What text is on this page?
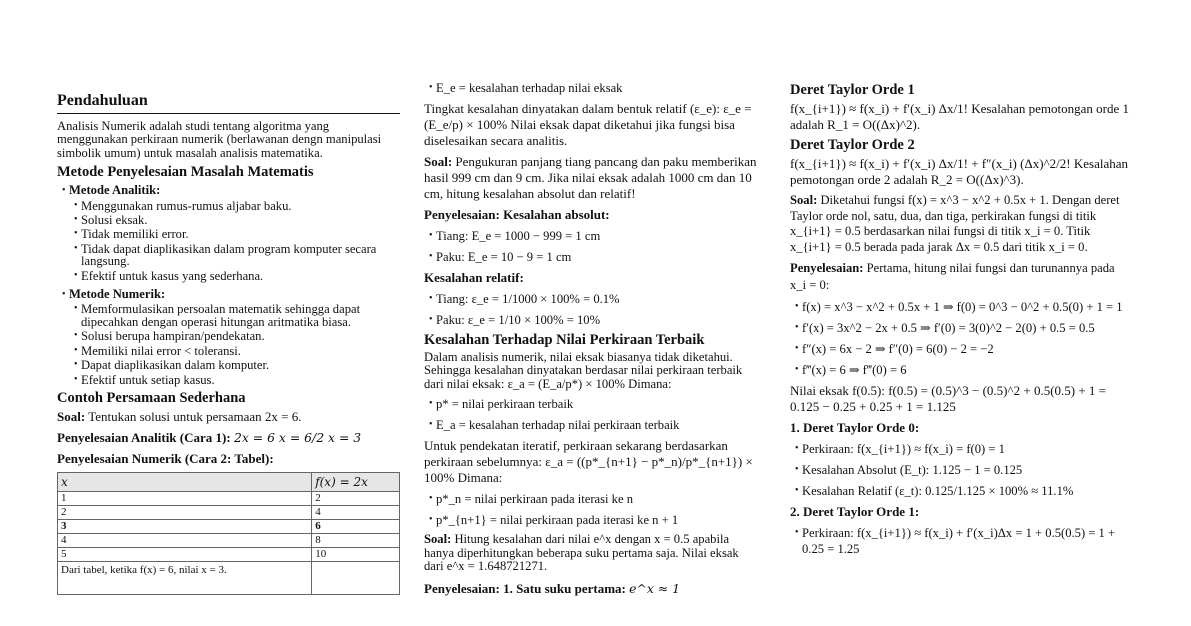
Pendahuluan

Analisis Numerik adalah studi tentang algoritma yang menggunakan perkiraan numerik (berlawanan dengn manipulasi simbolik umum) untuk masalah analisis matematika.

Metode Penyelesaian Masalah Matematis
• Metode Analitik:
• Menggunakan rumus-rumus aljabar baku.
• Solusi eksak.
• Tidak memiliki error.
• Tidak dapat diaplikasikan dalam program komputer secara langsung.
• Efektif untuk kasus yang sederhana.
• Metode Numerik:
• Memformulasikan persoalan matematik sehingga dapat dipecahkan dengan operasi hitungan aritmatika biasa.
• Solusi berupa hampiran/pendekatan.
• Memiliki nilai error < toleransi.
• Dapat diaplikasikan dalam komputer.
• Efektif untuk setiap kasus.
Contoh Persamaan Sederhana

Soal: Tentukan solusi untuk persamaan 2x = 6.

Penyelesaian Analitik (Cara 1): 2x = 6 x = 6/2 x = 3

Penyelesaian Numerik (Cara 2: Tabel):

x	f(x) = 2x
1	2
2	4
3	6
4	8
5	10
Dari tabel, ketika f(x) = 6, nilai x = 3.	
• E_e = kesalahan terhadap nilai eksak

Tingkat kesalahan dinyatakan dalam bentuk relatif (ε_e): ε_e = (E_e/p) × 100% Nilai eksak dapat diketahui jika fungsi bisa diselesaikan secara analitis.

Soal: Pengukuran panjang tiang pancang dan paku memberikan hasil 999 cm dan 9 cm. Jika nilai eksak adalah 1000 cm dan 10 cm, hitung kesalahan absolut dan relatif!

Penyelesaian: Kesalahan absolut:

• Tiang: E_e = 1000 − 999 = 1 cm
• Paku: E_e = 10 − 9 = 1 cm

Kesalahan relatif:

• Tiang: ε_e = 1/1000 × 100% = 0.1%
• Paku: ε_e = 1/10 × 100% = 10%
Kesalahan Terhadap Nilai Perkiraan Terbaik

Dalam analisis numerik, nilai eksak biasanya tidak diketahui. Sehingga kesalahan dinyatakan berdasar nilai perkiraan terbaik dari nilai eksak: ε_a = (E_a/p*) × 100% Dimana:

• p* = nilai perkiraan terbaik
• E_a = kesalahan terhadap nilai perkiraan terbaik

Untuk pendekatan iteratif, perkiraan sekarang berdasarkan perkiraan sebelumnya: ε_a = ((p*_{n+1} − p*_n)/p*_{n+1}) × 100% Dimana:

• p*_n = nilai perkiraan pada iterasi ke n
• p*_{n+1} = nilai perkiraan pada iterasi ke n + 1

Soal: Hitung kesalahan dari nilai e^x dengan x = 0.5 apabila hanya diperhitungkan beberapa suku pertama saja. Nilai eksak dari e^x = 1.648721271.

Penyelesaian: 1. Satu suku pertama: e^x ≈ 1

Deret Taylor Orde 1

f(x_{i+1}) ≈ f(x_i) + f′(x_i) Δx/1! Kesalahan pemotongan orde 1 adalah R_1 = O((Δx)^2).

Deret Taylor Orde 2

f(x_{i+1}) ≈ f(x_i) + f′(x_i) Δx/1! + f″(x_i) (Δx)^2/2! Kesalahan pemotongan orde 2 adalah R_2 = O((Δx)^3).

Soal: Diketahui fungsi f(x) = x^3 − x^2 + 0.5x + 1. Dengan deret Taylor orde nol, satu, dua, dan tiga, perkirakan fungsi di titik x_{i+1} = 0.5 berdasarkan nilai fungsi di titik x_i = 0. Titik x_{i+1} = 0.5 berada pada jarak Δx = 0.5 dari titik x_i = 0.

Penyelesaian: Pertama, hitung nilai fungsi dan turunannya pada x_i = 0:

• f(x) = x^3 − x^2 + 0.5x + 1 ⇒ f(0) = 0^3 − 0^2 + 0.5(0) + 1 = 1
• f′(x) = 3x^2 − 2x + 0.5 ⇒ f′(0) = 3(0)^2 − 2(0) + 0.5 = 0.5
• f″(x) = 6x − 2 ⇒ f″(0) = 6(0) − 2 = −2
• f‴(x) = 6 ⇒ f‴(0) = 6

Nilai eksak f(0.5): f(0.5) = (0.5)^3 − (0.5)^2 + 0.5(0.5) + 1 = 0.125 − 0.25 + 0.25 + 1 = 1.125

1. Deret Taylor Orde 0:

• Perkiraan: f(x_{i+1}) ≈ f(x_i) = f(0) = 1
• Kesalahan Absolut (E_t): 1.125 − 1 = 0.125
• Kesalahan Relatif (ε_t): 0.125/1.125 × 100% ≈ 11.1%

2. Deret Taylor Orde 1:

• Perkiraan: f(x_{i+1}) ≈ f(x_i) + f′(x_i)Δx = 1 + 0.5(0.5) = 1 + 0.25 = 1.25
